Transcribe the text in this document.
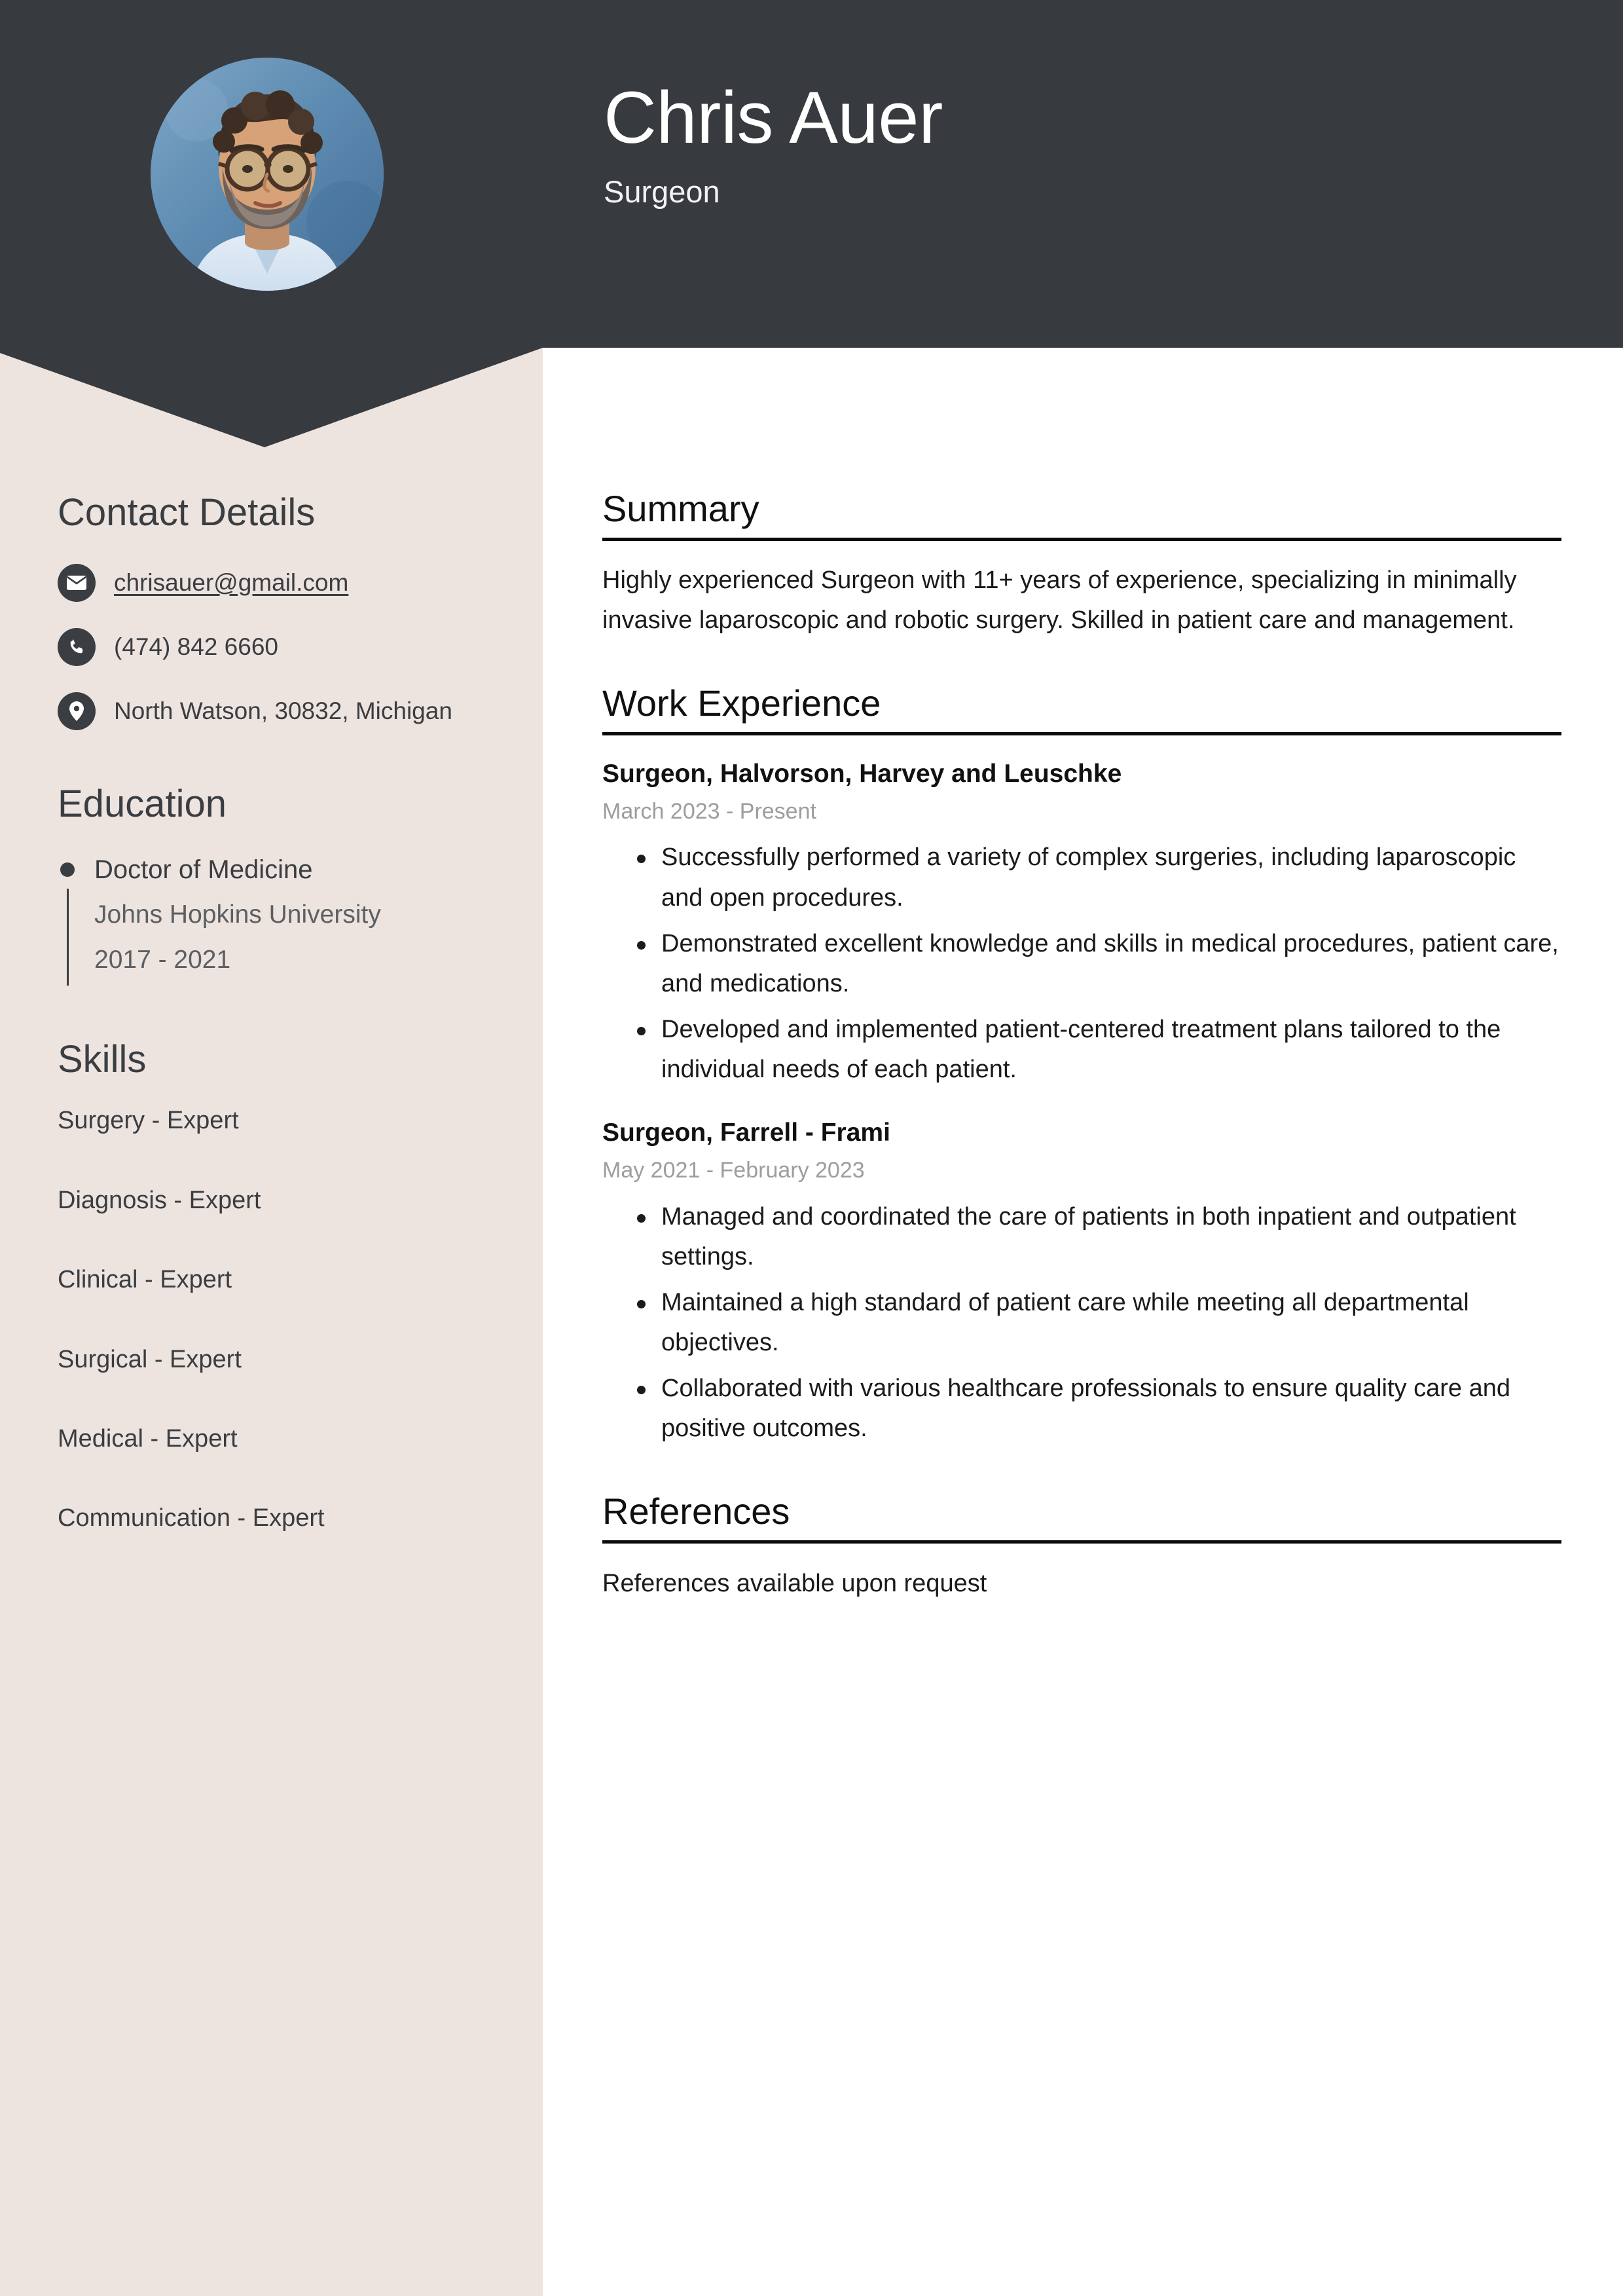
Chris Auer
Surgeon
Contact Details
chrisauer@gmail.com
(474) 842 6660
North Watson, 30832, Michigan
Education

Doctor of Medicine

Johns Hopkins University

2017 - 2021

Skills
Surgery - Expert
Diagnosis - Expert
Clinical - Expert
Surgical - Expert
Medical - Expert
Communication - Expert
Summary

Highly experienced Surgeon with 11+ years of experience, specializing in minimally invasive laparoscopic and robotic surgery. Skilled in patient care and management.

Work Experience
Surgeon, Halvorson, Harvey and Leuschke

March 2023 - Present

Successfully performed a variety of complex surgeries, including laparoscopic and open procedures.
Demonstrated excellent knowledge and skills in medical procedures, patient care, and medications.
Developed and implemented patient-centered treatment plans tailored to the individual needs of each patient.
Surgeon, Farrell - Frami

May 2021 - February 2023

Managed and coordinated the care of patients in both inpatient and outpatient settings.
Maintained a high standard of patient care while meeting all departmental objectives.
Collaborated with various healthcare professionals to ensure quality care and positive outcomes.
References

References available upon request
